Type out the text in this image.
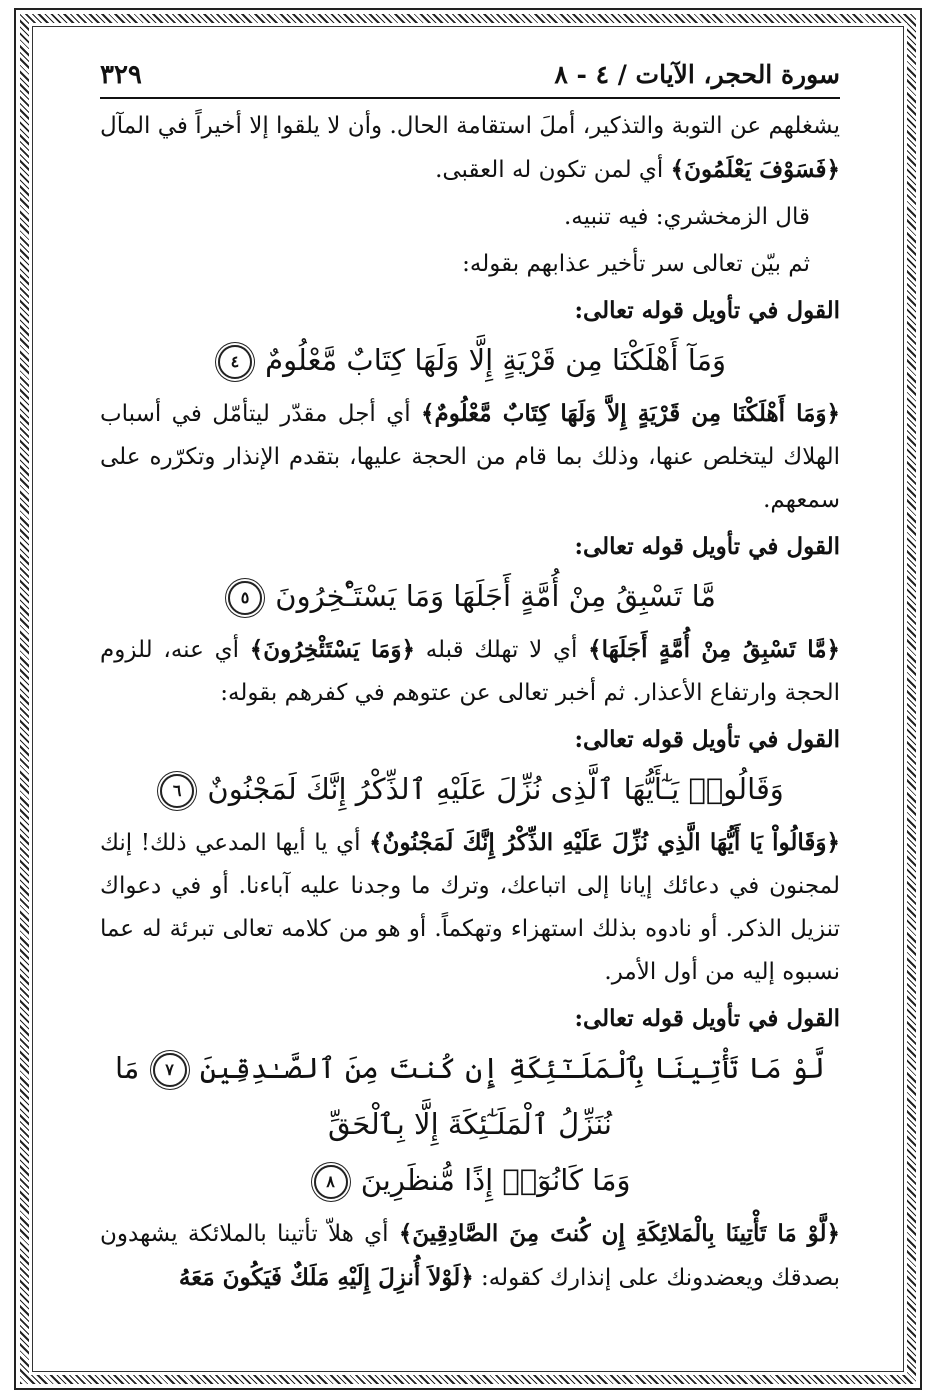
سورة الحجر، الآيات / ٤ - ٨
٣٢٩

يشغلهم عن التوبة والتذكير، أملَ استقامة الحال. وأن لا يلقوا إلا أخيراً في المآل ﴿فَسَوْفَ يَعْلَمُونَ﴾ أي لمن تكون له العقبى.

قال الزمخشري: فيه تنبيه.

ثم بيّن تعالى سر تأخير عذابهم بقوله:

القول في تأويل قوله تعالى:
وَمَآ أَهْلَكْنَا مِن قَرْيَةٍ إِلَّا وَلَهَا كِتَابٌ مَّعْلُومٌ ٤

﴿وَمَا أَهْلَكْنَا مِن قَرْيَةٍ إِلاَّ وَلَهَا كِتَابٌ مَّعْلُومٌ﴾ أي أجل مقدّر ليتأمّل في أسباب الهلاك ليتخلص عنها، وذلك بما قام من الحجة عليها، بتقدم الإنذار وتكرّره على سمعهم.

القول في تأويل قوله تعالى:
مَّا تَسْبِقُ مِنْ أُمَّةٍ أَجَلَهَا وَمَا يَسْتَـْٔخِرُونَ ٥

﴿مَّا تَسْبِقُ مِنْ أُمَّةٍ أَجَلَهَا﴾ أي لا تهلك قبله ﴿وَمَا يَسْتَئْخِرُونَ﴾ أي عنه، للزوم الحجة وارتفاع الأعذار. ثم أخبر تعالى عن عتوهم في كفرهم بقوله:

القول في تأويل قوله تعالى:
وَقَالُوا۟ يَـٰٓأَيُّهَا ٱلَّذِى نُزِّلَ عَلَيْهِ ٱلذِّكْرُ إِنَّكَ لَمَجْنُونٌ ٦

﴿وَقَالُواْ يَا أَيُّهَا الَّذِي نُزِّلَ عَلَيْهِ الذِّكْرُ إِنَّكَ لَمَجْنُونٌ﴾ أي يا أيها المدعي ذلك! إنك لمجنون في دعائك إيانا إلى اتباعك، وترك ما وجدنا عليه آباءنا. أو في دعواك تنزيل الذكر. أو نادوه بذلك استهزاء وتهكماً. أو هو من كلامه تعالى تبرئة له عما نسبوه إليه من أول الأمر.

القول في تأويل قوله تعالى:
لَّوْ مَا تَأْتِينَا بِٱلْمَلَـٰٓئِكَةِ إِن كُنتَ مِنَ ٱلصَّـٰدِقِينَ ٧ مَا نُنَزِّلُ ٱلْمَلَـٰٓئِكَةَ إِلَّا بِٱلْحَقِّ
وَمَا كَانُوٓا۟ إِذًا مُّنظَرِينَ ٨

﴿لَّوْ مَا تَأْتِينَا بِالْمَلائِكَةِ إِن كُنتَ مِنَ الصَّادِقِينَ﴾ أي هلاّ تأتينا بالملائكة يشهدون بصدقك ويعضدونك على إنذارك كقوله: ﴿لَوْلاَ أُنزِلَ إِلَيْهِ مَلَكٌ فَيَكُونَ مَعَهُ
